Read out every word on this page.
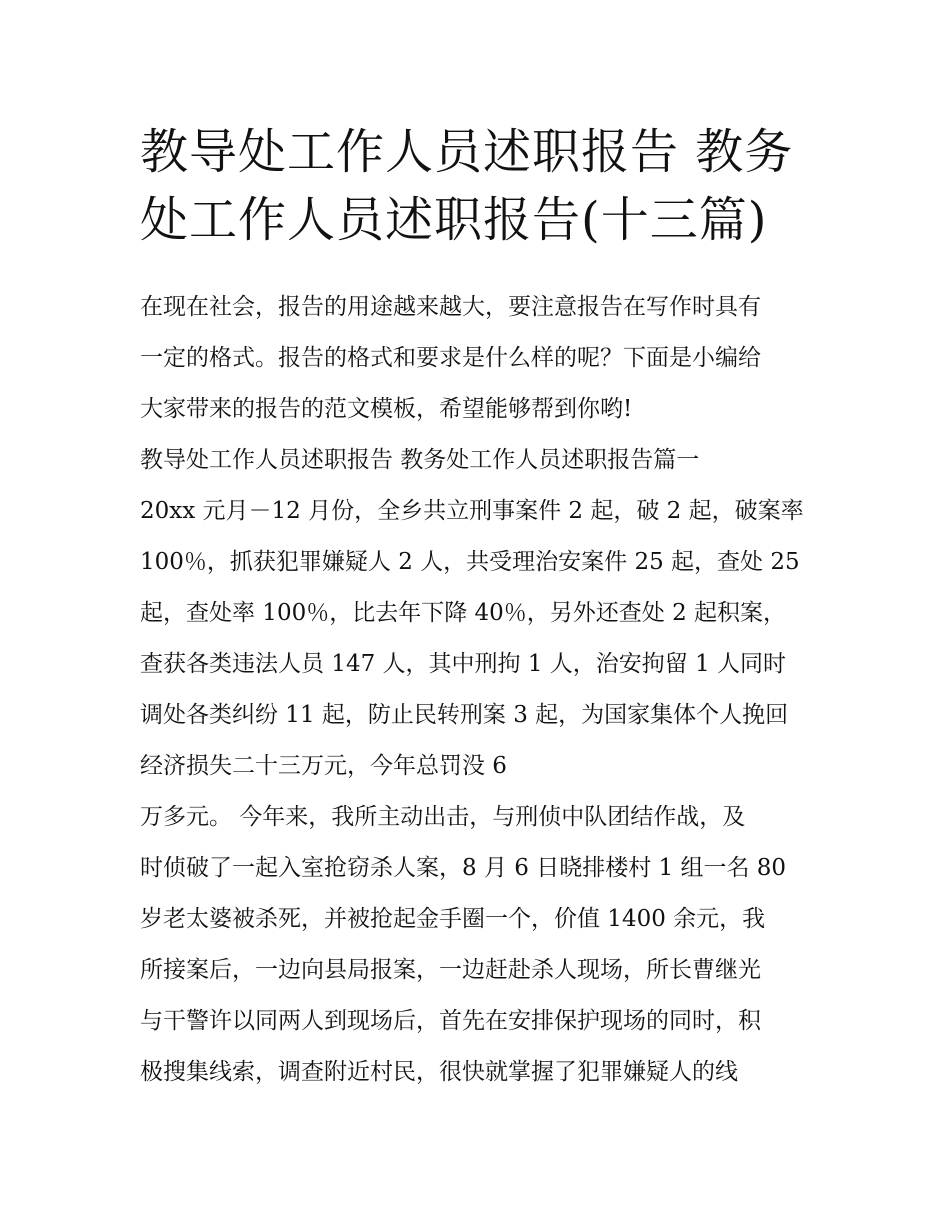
教导处工作人员述职报告 教务
处工作人员述职报告(十三篇)
在现在社会，报告的用途越来越大，要注意报告在写作时具有
一定的格式。报告的格式和要求是什么样的呢？下面是小编给
大家带来的报告的范文模板，希望能够帮到你哟!
教导处工作人员述职报告 教务处工作人员述职报告篇一
20xx 元月－12 月份，全乡共立刑事案件 2 起，破 2 起，破案率
100％，抓获犯罪嫌疑人 2 人，共受理治安案件 25 起，查处 25
起，查处率 100％，比去年下降 40％，另外还查处 2 起积案，
查获各类违法人员 147 人，其中刑拘 1 人，治安拘留 1 人同时
调处各类纠纷 11 起，防止民转刑案 3 起，为国家集体个人挽回
经济损失二十三万元，今年总罚没 6
万多元。 今年来，我所主动出击，与刑侦中队团结作战，及
时侦破了一起入室抢窃杀人案，8 月 6 日晓排楼村 1 组一名 80
岁老太婆被杀死，并被抢起金手圈一个，价值 1400 余元，我
所接案后，一边向县局报案，一边赶赴杀人现场，所长曹继光
与干警许以同两人到现场后，首先在安排保护现场的同时，积
极搜集线索，调查附近村民，很快就掌握了犯罪嫌疑人的线
